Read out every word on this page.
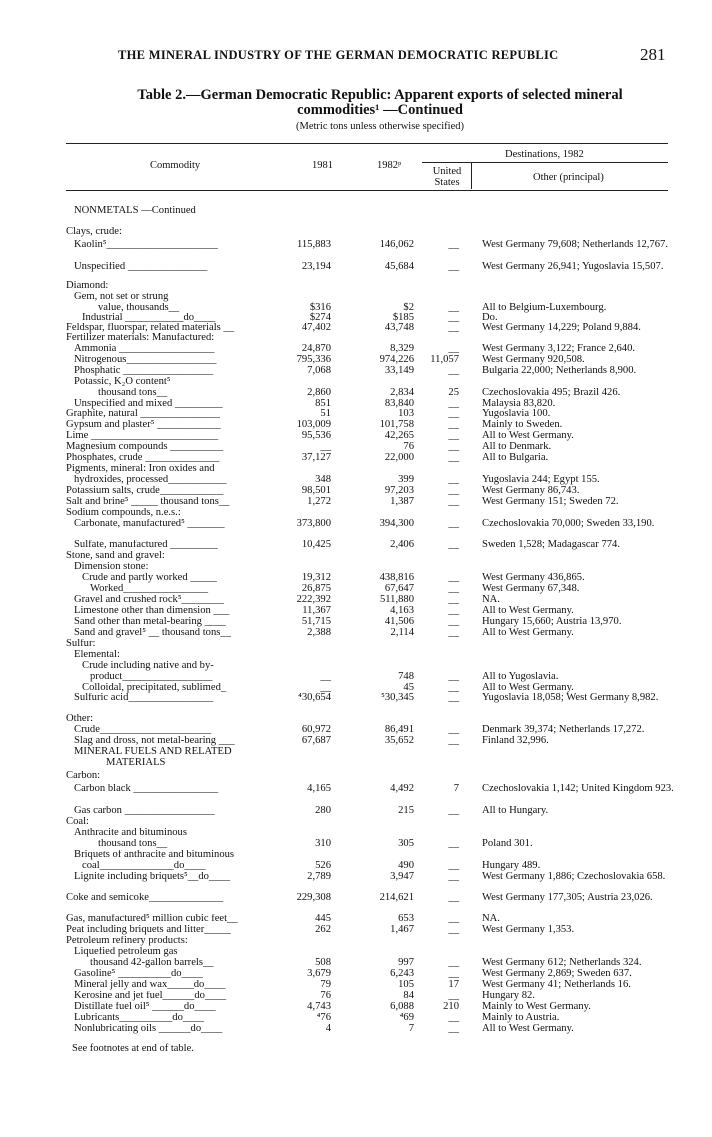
THE MINERAL INDUSTRY OF THE GERMAN DEMOCRATIC REPUBLIC	281
Table 2.—German Democratic Republic: Apparent exports of selected mineral
commodities¹ —Continued
(Metric tons unless otherwise specified)
Commodity	1981	1982ᵖ
Destinations, 1982
United States	Other (principal)
NONMETALS —Continued
Clays, crude:
Kaolin⁵_____________________	115,883	146,062	__ West Germany 79,608; Netherlands 12,767.
Unspecified _______________	23,194	45,684	__ West Germany 26,941; Yugoslavia 15,507.
Diamond:
Gem, not set or strung
value, thousands__	$316	$2	__ All to Belgium-Luxembourg.
Industrial ___________do____	$274	$185	__ Do.
Feldspar, fluorspar, related materials __	47,402	43,748	__ West Germany 14,229; Poland 9,884.
Fertilizer materials: Manufactured:
Ammonia __________________	24,870	8,329	__ West Germany 3,122; France 2,640.
Nitrogenous_________________	795,336	974,226	11,057 West Germany 920,508.
Phosphatic _________________	7,068	33,149	__ Bulgaria 22,000; Netherlands 8,900.
Potassic, K₂O content⁵
thousand tons__	2,860	2,834	25 Czechoslovakia 495; Brazil 426.
Unspecified and mixed _________	851	83,840	__ Malaysia 83,820.
Graphite, natural _______________	51	103	__ Yugoslavia 100.
Gypsum and plaster⁵ ____________	103,009	101,758	__ Mainly to Sweden.
Lime ________________________	95,536	42,265	__ All to West Germany.
Magnesium compounds __________	__	76	__ All to Denmark.
Phosphates, crude ______________	37,127	22,000	__ All to Bulgaria.
Pigments, mineral: Iron oxides and
hydroxides, processed___________	348	399	__ Yugoslavia 244; Egypt 155.
Potassium salts, crude____________	98,501	97,203	__ West Germany 86,743.
Salt and brine⁵ _____ thousand tons__	1,272	1,387	__ West Germany 151; Sweden 72.
Sodium compounds, n.e.s.:
Carbonate, manufactured⁵ _______	373,800	394,300	__ Czechoslovakia 70,000; Sweden 33,190.
Sulfate, manufactured _________	10,425	2,406	__ Sweden 1,528; Madagascar 774.
Stone, sand and gravel:
Dimension stone:
Crude and partly worked _____	19,312	438,816	__ West Germany 436,865.
Worked________________	26,875	67,647	__ West Germany 67,348.
Gravel and crushed rock⁵________	222,392	511,880	__ NA.
Limestone other than dimension ___	11,367	4,163	__ All to West Germany.
Sand other than metal-bearing ____	51,715	41,506	__ Hungary 15,660; Austria 13,970.
Sand and gravel⁵ __ thousand tons__	2,388	2,114	__ All to West Germany.
Sulfur:
Elemental:
Crude including native and by-
product_________________	__	748	__ All to Yugoslavia.
Colloidal, precipitated, sublimed_	__	45	__ All to West Germany.
Sulfuric acid________________	⁴30,654	⁵30,345	__ Yugoslavia 18,058; West Germany 8,982.
Other:
Crude_____________________	60,972	86,491	__ Denmark 39,374; Netherlands 17,272.
Slag and dross, not metal-bearing ___	67,687	35,652	__ Finland 32,996.
MINERAL FUELS AND RELATED
MATERIALS
Carbon:
Carbon black ________________	4,165	4,492	7 Czechoslovakia 1,142; United Kingdom 923.
Gas carbon _________________	280	215	__ All to Hungary.
Coal:
Anthracite and bituminous
thousand tons__	310	305	__ Poland 301.
Briquets of anthracite and bituminous
coal______________do____	526	490	__ Hungary 489.
Lignite including briquets⁵__do____	2,789	3,947	__ West Germany 1,886; Czechoslovakia 658.
Coke and semicoke______________	229,308	214,621	__ West Germany 177,305; Austria 23,026.
Gas, manufactured⁵ million cubic feet__	445	653	__ NA.
Peat including briquets and litter_____	262	1,467	__ West Germany 1,353.
Petroleum refinery products:
Liquefied petroleum gas
thousand 42-gallon barrels__	508	997	__ West Germany 612; Netherlands 324.
Gasoline⁵ __________do____	3,679	6,243	__ West Germany 2,869; Sweden 637.
Mineral jelly and wax_____do____	79	105	17 West Germany 41; Netherlands 16.
Kerosine and jet fuel______do____	76	84	__ Hungary 82.
Distillate fuel oil⁵ ______do____	4,743	6,088	210 Mainly to West Germany.
Lubricants__________do____	⁴76	⁴69	__ Mainly to Austria.
Nonlubricating oils ______do____	4	7	__ All to West Germany.
See footnotes at end of table.
